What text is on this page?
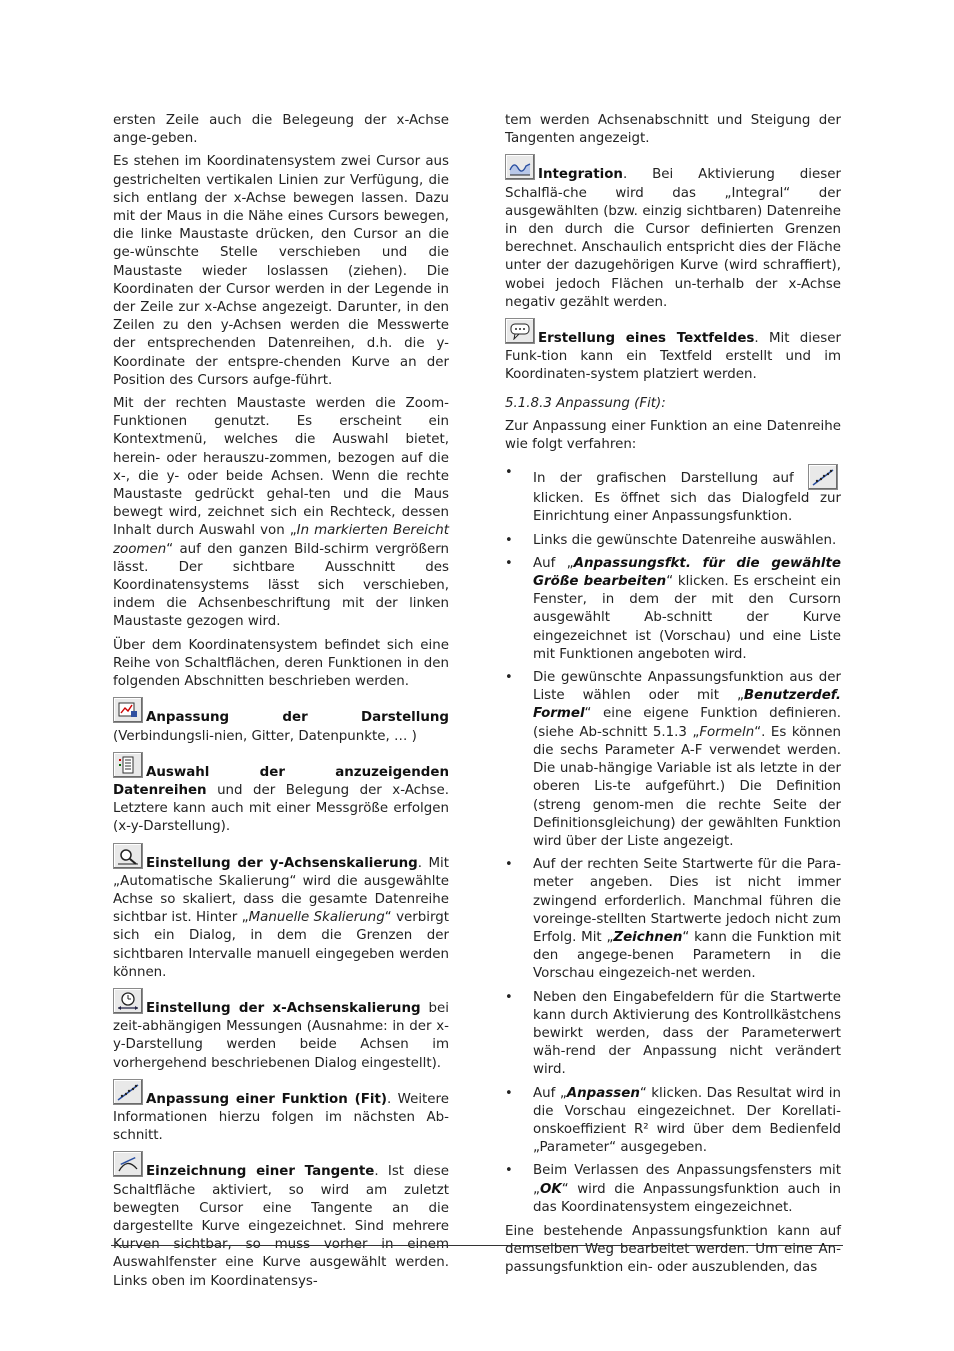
ersten Zeile auch die Belegeung der x-Achse ange-geben.

Es stehen im Koordinatensystem zwei Cursor aus gestrichelten vertikalen Linien zur Verfügung, die sich entlang der x-Achse bewegen lassen. Dazu mit der Maus in die Nähe eines Cursors bewegen, die linke Maustaste drücken, den Cursor an die ge-wünschte Stelle verschieben und die Maustaste wieder loslassen (ziehen). Die Koordinaten der Cursor werden in der Legende in der Zeile zur x-Achse angezeigt. Darunter, in den Zeilen zu den y-Achsen werden die Messwerte der entsprechenden Datenreihen, d.h. die y-Koordinate der entspre-chenden Kurve an der Position des Cursors aufge-führt.

Mit der rechten Maustaste werden die Zoom-Funktionen genutzt. Es erscheint ein Kontextmenü, welches die Auswahl bietet, herein- oder herauszu-zommen, bezogen auf die x-, die y- oder beide Achsen. Wenn die rechte Maustaste gedrückt gehal-ten und die Maus bewegt wird, zeichnet sich ein Rechteck, dessen Inhalt durch Auswahl von „In markierten Bereicht zoomen“ auf den ganzen Bild-schirm vergrößern lässt. Der sichtbare Ausschnitt des Koordinatensystems lässt sich verschieben, indem die Achsenbeschriftung mit der linken Maustaste gezogen wird.

Über dem Koordinatensystem befindet sich eine Reihe von Schaltflächen, deren Funktionen in den folgenden Abschnitten beschrieben werden.

Anpassung der Darstellung (Verbindungsli-nien, Gitter, Datenpunkte, … )

Auswahl der anzuzeigenden Datenreihen und der Belegung der x-Achse. Letztere kann auch mit einer Messgröße erfolgen (x-y-Darstellung).

Einstellung der y-Achsenskalierung. Mit „Automatische Skalierung“ wird die ausgewählte Achse so skaliert, dass die gesamte Datenreihe sichtbar ist. Hinter „Manuelle Skalierung“ verbirgt sich ein Dialog, in dem die Grenzen der sichtbaren Intervalle manuell eingegeben werden können.

Einstellung der x-Achsenskalierung bei zeit-abhängigen Messungen (Ausnahme: in der x-y-Darstellung werden beide Achsen im vorhergehend beschriebenen Dialog eingestellt).

Anpassung einer Funktion (Fit). Weitere Informationen hierzu folgen im nächsten Ab-schnitt.

Einzeichnung einer Tangente. Ist diese Schaltfläche aktiviert, so wird am zuletzt bewegten Cursor eine Tangente an die dargestellte Kurve eingezeichnet. Sind mehrere Kurven sichtbar, so muss vorher in einem Auswahlfenster eine Kurve ausgewählt werden. Links oben im Koordinatensys-

tem werden Achsenabschnitt und Steigung der Tangenten angezeigt.

Integration. Bei Aktivierung dieser Schalflä-che wird das „Integral“ der ausgewählten (bzw. einzig sichtbaren) Datenreihe in den durch die Cursor definierten Grenzen berechnet. Anschaulich entspricht dies der Fläche unter der dazugehörigen Kurve (wird schraffiert), wobei jedoch Flächen un-terhalb der x-Achse negativ gezählt werden.

Erstellung eines Textfeldes. Mit dieser Funk-tion kann ein Textfeld erstellt und im Koordinaten-system platziert werden.

5.1.8.3 Anpassung (Fit):

Zur Anpassung einer Funktion an eine Datenreihe wie folgt verfahren:

• In der grafischen Darstellung auf
klicken. Es öffnet sich das Dialogfeld zur Einrichtung einer Anpassungsfunktion.
• Links die gewünschte Datenreihe auswählen.
• Auf „Anpassungsfkt. für die gewählte Größe bearbeiten“ klicken. Es erscheint ein Fenster, in dem der mit den Cursorn ausgewählt Ab-schnitt der Kurve eingezeichnet ist (Vorschau) und eine Liste mit Funktionen angeboten wird.
• Die gewünschte Anpassungsfunktion aus der Liste wählen oder mit „Benutzerdef. Formel“ eine eigene Funktion definieren. (siehe Ab-schnitt 5.1.3 „Formeln“. Es können die sechs Parameter A-F verwendet werden. Die unab-hängige Variable ist als letzte in der oberen Lis-te aufgeführt.) Die Definition (streng genom-men die rechte Seite der Definitionsgleichung) der gewählten Funktion wird über der Liste angezeigt.
• Auf der rechten Seite Startwerte für die Para-meter angeben. Dies ist nicht immer zwingend erforderlich. Manchmal führen die voreinge-stellten Startwerte jedoch nicht zum Erfolg. Mit „Zeichnen“ kann die Funktion mit den angege-benen Parametern in die Vorschau eingezeich-net werden.
• Neben den Eingabefeldern für die Startwerte kann durch Aktivierung des Kontrollkästchens bewirkt werden, dass der Parameterwert wäh-rend der Anpassung nicht verändert wird.
• Auf „Anpassen“ klicken. Das Resultat wird in die Vorschau eingezeichnet. Der Korellati-onskoeffizient R² wird über dem Bedienfeld „Parameter“ ausgegeben.
• Beim Verlassen des Anpassungsfensters mit „OK“ wird die Anpassungsfunktion auch in das Koordinatensystem eingezeichnet.

Eine bestehende Anpassungsfunktion kann auf demselben Weg bearbeitet werden. Um eine An-passungsfunktion ein- oder auszublenden, das
